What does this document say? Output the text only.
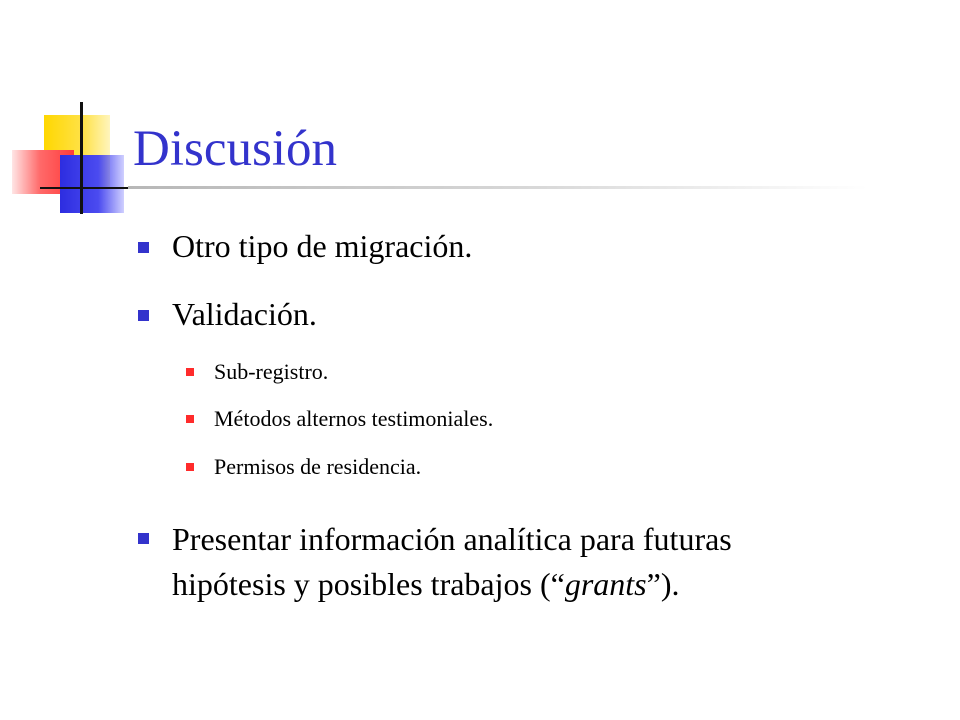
Discusión
Otro tipo de migración.
Validación.
Sub-registro.
Métodos alternos testimoniales.
Permisos de residencia.
Presentar información analítica para futuras
hipótesis y posibles trabajos (“grants”).
